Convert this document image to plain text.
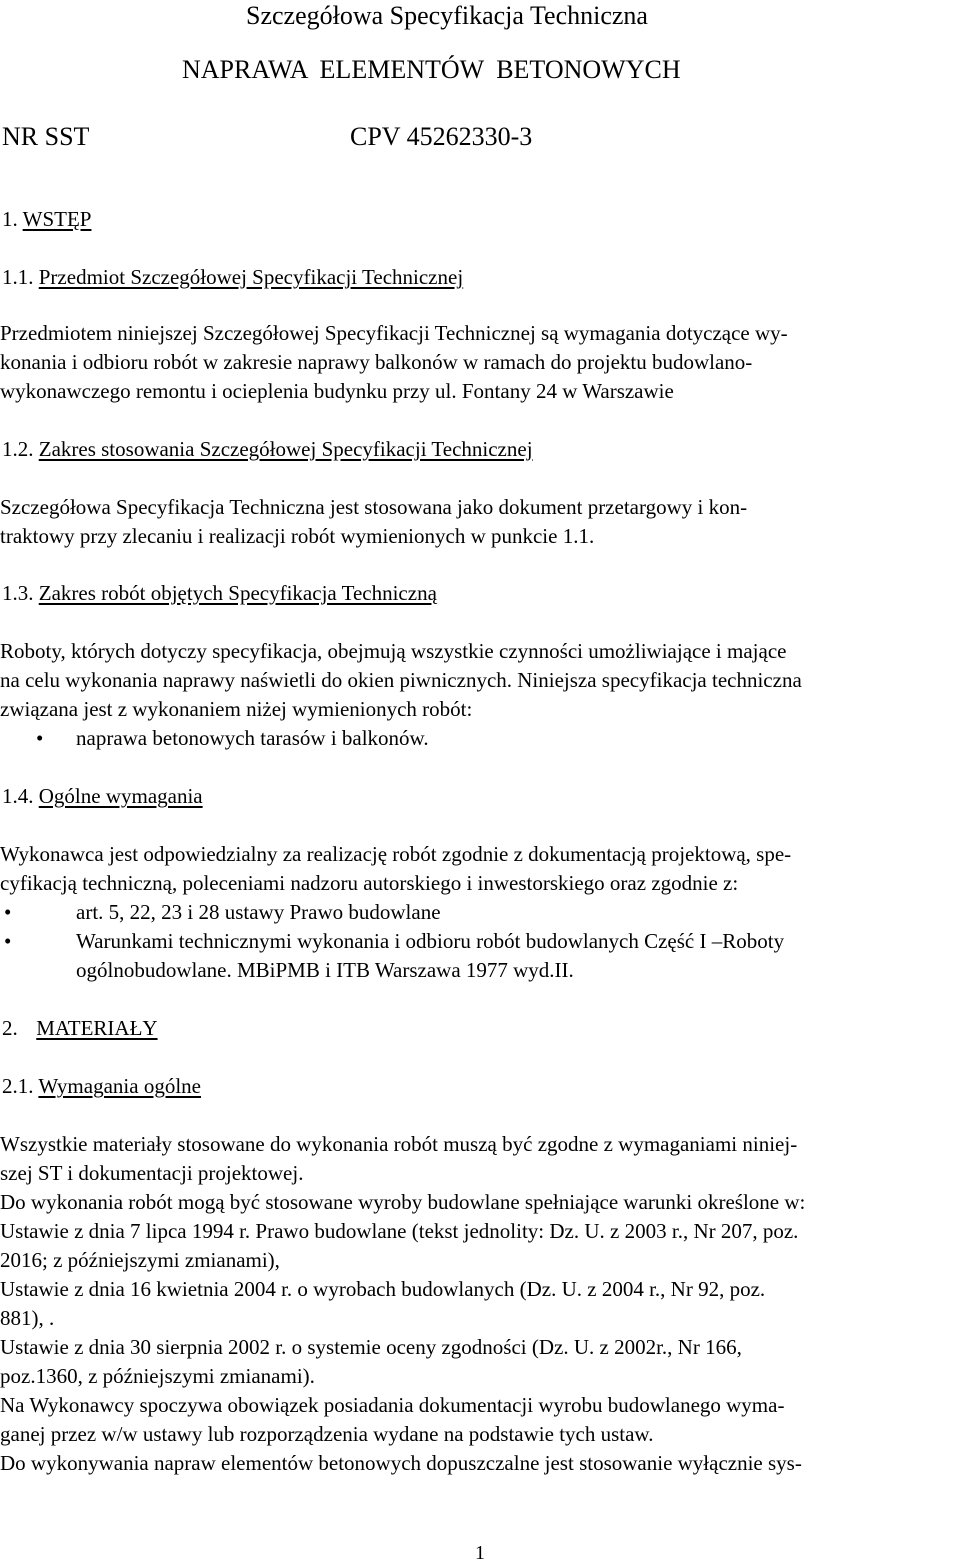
Szczegółowa Specyfikacja Techniczna
NAPRAWA ELEMENTÓW BETONOWYCH
NR SST	CPV 45262330-3
1. WSTĘP
1.1. Przedmiot Szczegółowej Specyfikacji Technicznej
Przedmiotem niniejszej Szczegółowej Specyfikacji Technicznej są wymagania dotyczące wy-
konania i odbioru robót w zakresie naprawy balkonów w ramach do projektu budowlano-
wykonawczego remontu i ocieplenia budynku przy ul. Fontany 24 w Warszawie
1.2. Zakres stosowania Szczegółowej Specyfikacji Technicznej
Szczegółowa Specyfikacja Techniczna jest stosowana jako dokument przetargowy i kon-
traktowy przy zlecaniu i realizacji robót wymienionych w punkcie 1.1.
1.3. Zakres robót objętych Specyfikacja Techniczną
Roboty, których dotyczy specyfikacja, obejmują wszystkie czynności umożliwiające i mające
na celu wykonania naprawy naświetli do okien piwnicznych. Niniejsza specyfikacja techniczna
związana jest z wykonaniem niżej wymienionych robót:
• naprawa betonowych tarasów i balkonów.
1.4. Ogólne wymagania
Wykonawca jest odpowiedzialny za realizację robót zgodnie z dokumentacją projektową, spe-
cyfikacją techniczną, poleceniami nadzoru autorskiego i inwestorskiego oraz zgodnie z:
•	art. 5, 22, 23 i 28 ustawy Prawo budowlane
•	Warunkami technicznymi wykonania i odbioru robót budowlanych Część I –Roboty
ogólnobudowlane. MBiPMB i ITB Warszawa 1977 wyd.II.
2. MATERIAŁY
2.1. Wymagania ogólne
Wszystkie materiały stosowane do wykonania robót muszą być zgodne z wymaganiami niniej-
szej ST i dokumentacji projektowej.
Do wykonania robót mogą być stosowane wyroby budowlane spełniające warunki określone w:
Ustawie z dnia 7 lipca 1994 r. Prawo budowlane (tekst jednolity: Dz. U. z 2003 r., Nr 207, poz.
2016; z późniejszymi zmianami),
Ustawie z dnia 16 kwietnia 2004 r. o wyrobach budowlanych (Dz. U. z 2004 r., Nr 92, poz.
881), .
Ustawie z dnia 30 sierpnia 2002 r. o systemie oceny zgodności (Dz. U. z 2002r., Nr 166,
poz.1360, z późniejszymi zmianami).
Na Wykonawcy spoczywa obowiązek posiadania dokumentacji wyrobu budowlanego wyma-
ganej przez w/w ustawy lub rozporządzenia wydane na podstawie tych ustaw.
Do wykonywania napraw elementów betonowych dopuszczalne jest stosowanie wyłącznie sys-
1
